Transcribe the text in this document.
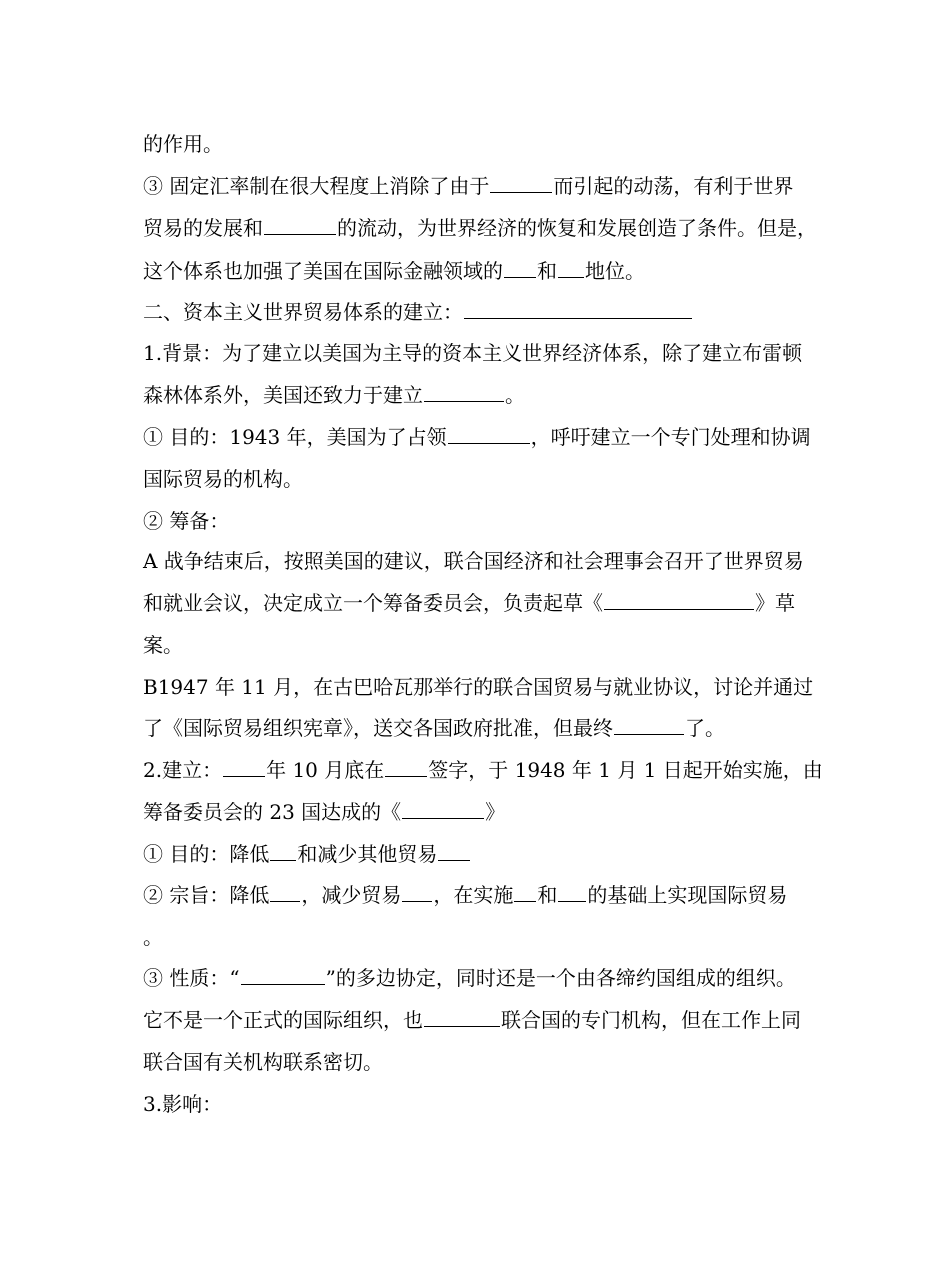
的作用。
③ 固定汇率制在很大程度上消除了由于	而引起的动荡，有利于世界
贸易的发展和	的流动，为世界经济的恢复和发展创造了条件。但是，
这个体系也加强了美国在国际金融领域的 和 地位。
二、资本主义世界贸易体系的建立：
1.背景：为了建立以美国为主导的资本主义世界经济体系，除了建立布雷顿
森林体系外，美国还致力于建立	。
① 目的：1943 年，美国为了占领	，呼吁建立一个专门处理和协调
国际贸易的机构。
② 筹备：
A 战争结束后，按照美国的建议，联合国经济和社会理事会召开了世界贸易
和就业会议，决定成立一个筹备委员会，负责起草《	》草
案。
B1947 年 11 月，在古巴哈瓦那举行的联合国贸易与就业协议，讨论并通过
了《国际贸易组织宪章》，送交各国政府批准，但最终	了。
2.建立： 年 10 月底在 签字，于 1948 年 1 月 1 日起开始实施，由
筹备委员会的 23 国达成的《	》
① 目的：降低 和减少其他贸易
② 宗旨：降低 ，减少贸易 ，在实施 和 的基础上实现国际贸易
。
③ 性质：“	”的多边协定，同时还是一个由各缔约国组成的组织。
它不是一个正式的国际组织，也	联合国的专门机构，但在工作上同
联合国有关机构联系密切。
3.影响：
